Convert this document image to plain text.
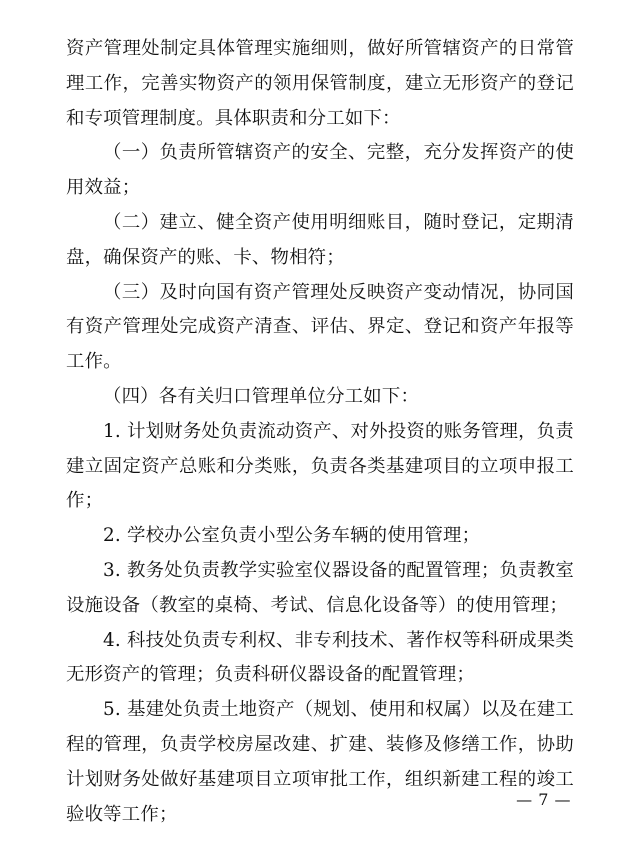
资产管理处制定具体管理实施细则，做好所管辖资产的日常管理工作，完善实物资产的领用保管制度，建立无形资产的登记和专项管理制度。具体职责和分工如下：

（一）负责所管辖资产的安全、完整，充分发挥资产的使用效益；

（二）建立、健全资产使用明细账目，随时登记，定期清盘，确保资产的账、卡、物相符；

（三）及时向国有资产管理处反映资产变动情况，协同国有资产管理处完成资产清查、评估、界定、登记和资产年报等工作。

（四）各有关归口管理单位分工如下：

1. 计划财务处负责流动资产、对外投资的账务管理，负责建立固定资产总账和分类账，负责各类基建项目的立项申报工作；

2. 学校办公室负责小型公务车辆的使用管理；

3. 教务处负责教学实验室仪器设备的配置管理；负责教室设施设备（教室的桌椅、考试、信息化设备等）的使用管理；

4. 科技处负责专利权、非专利技术、著作权等科研成果类无形资产的管理；负责科研仪器设备的配置管理；

5. 基建处负责土地资产（规划、使用和权属）以及在建工程的管理，负责学校房屋改建、扩建、装修及修缮工作，协助计划财务处做好基建项目立项审批工作，组织新建工程的竣工验收等工作；

— 7 —
